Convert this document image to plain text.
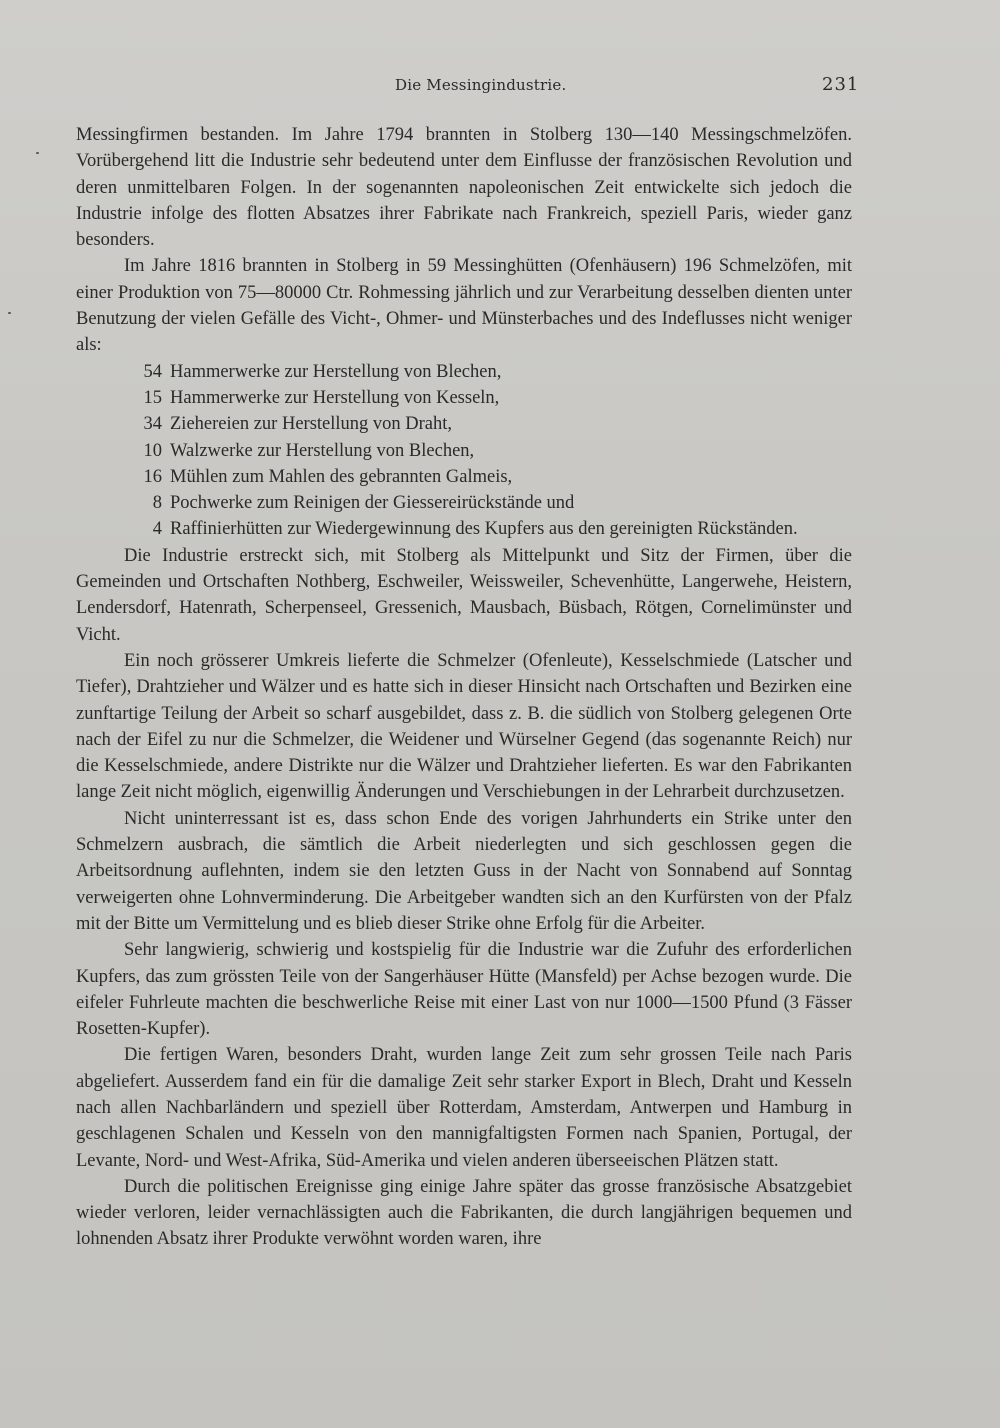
Die Messingindustrie.	231

Messingfirmen bestanden. Im Jahre 1794 brannten in Stolberg 130—140 Messingschmelzöfen. Vorübergehend litt die Industrie sehr bedeutend unter dem Einflusse der französischen Revolution und deren unmittelbaren Folgen. In der sogenannten napoleonischen Zeit entwickelte sich jedoch die Industrie infolge des flotten Absatzes ihrer Fabrikate nach Frankreich, speziell Paris, wieder ganz besonders.

Im Jahre 1816 brannten in Stolberg in 59 Messinghütten (Ofenhäusern) 196 Schmelzöfen, mit einer Produktion von 75—80000 Ctr. Rohmessing jährlich und zur Verarbeitung desselben dienten unter Benutzung der vielen Gefälle des Vicht-, Ohmer- und Münsterbaches und des Indeflusses nicht weniger als:

54 Hammerwerke zur Herstellung von Blechen,
15 Hammerwerke zur Herstellung von Kesseln,
34 Ziehereien zur Herstellung von Draht,
10 Walzwerke zur Herstellung von Blechen,
16 Mühlen zum Mahlen des gebrannten Galmeis,
8 Pochwerke zum Reinigen der Giessereirückstände und
4 Raffinierhütten zur Wiedergewinnung des Kupfers aus den gereinigten Rückständen.

Die Industrie erstreckt sich, mit Stolberg als Mittelpunkt und Sitz der Firmen, über die Gemeinden und Ortschaften Nothberg, Eschweiler, Weissweiler, Schevenhütte, Langerwehe, Heistern, Lendersdorf, Hatenrath, Scherpenseel, Gressenich, Mausbach, Büsbach, Rötgen, Cornelimünster und Vicht.

Ein noch grösserer Umkreis lieferte die Schmelzer (Ofenleute), Kesselschmiede (Latscher und Tiefer), Drahtzieher und Wälzer und es hatte sich in dieser Hinsicht nach Ortschaften und Bezirken eine zunftartige Teilung der Arbeit so scharf ausgebildet, dass z. B. die südlich von Stolberg gelegenen Orte nach der Eifel zu nur die Schmelzer, die Weidener und Würselner Gegend (das sogenannte Reich) nur die Kesselschmiede, andere Distrikte nur die Wälzer und Drahtzieher lieferten. Es war den Fabrikanten lange Zeit nicht möglich, eigenwillig Änderungen und Verschiebungen in der Lehrarbeit durchzusetzen.

Nicht uninterressant ist es, dass schon Ende des vorigen Jahrhunderts ein Strike unter den Schmelzern ausbrach, die sämtlich die Arbeit niederlegten und sich geschlossen gegen die Arbeitsordnung auflehnten, indem sie den letzten Guss in der Nacht von Sonnabend auf Sonntag verweigerten ohne Lohnverminderung. Die Arbeitgeber wandten sich an den Kurfürsten von der Pfalz mit der Bitte um Vermittelung und es blieb dieser Strike ohne Erfolg für die Arbeiter.

Sehr langwierig, schwierig und kostspielig für die Industrie war die Zufuhr des erforderlichen Kupfers, das zum grössten Teile von der Sangerhäuser Hütte (Mansfeld) per Achse bezogen wurde. Die eifeler Fuhrleute machten die beschwerliche Reise mit einer Last von nur 1000—1500 Pfund (3 Fässer Rosetten-Kupfer).

Die fertigen Waren, besonders Draht, wurden lange Zeit zum sehr grossen Teile nach Paris abgeliefert. Ausserdem fand ein für die damalige Zeit sehr starker Export in Blech, Draht und Kesseln nach allen Nachbarländern und speziell über Rotterdam, Amsterdam, Antwerpen und Hamburg in geschlagenen Schalen und Kesseln von den mannigfaltigsten Formen nach Spanien, Portugal, der Levante, Nord- und West-Afrika, Süd-Amerika und vielen anderen überseeischen Plätzen statt.

Durch die politischen Ereignisse ging einige Jahre später das grosse französische Absatzgebiet wieder verloren, leider vernachlässigten auch die Fabrikanten, die durch langjährigen bequemen und lohnenden Absatz ihrer Produkte verwöhnt worden waren, ihre
